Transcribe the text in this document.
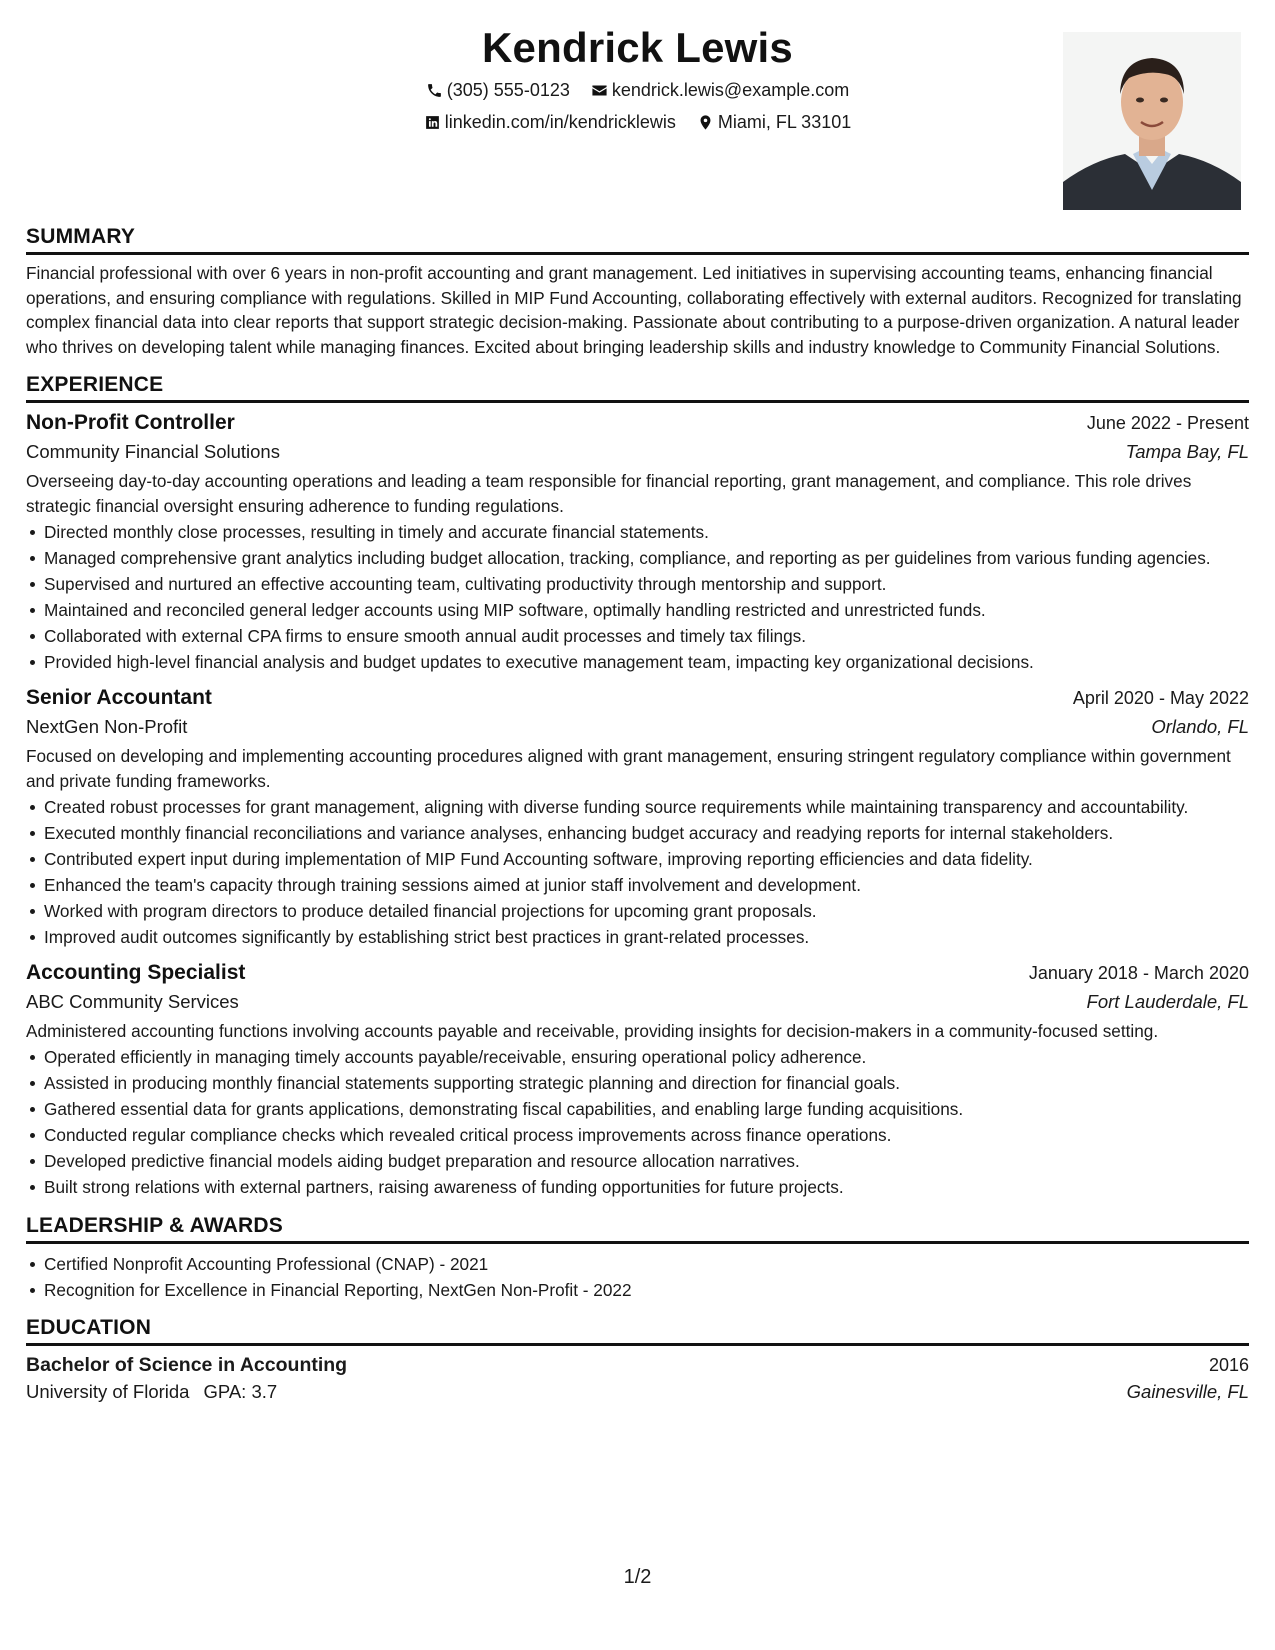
Kendrick Lewis
(305) 555-0123
kendrick.lewis@example.com
linkedin.com/in/kendricklewis
Miami, FL 33101
SUMMARY

Financial professional with over 6 years in non-profit accounting and grant management. Led initiatives in supervising accounting teams, enhancing financial operations, and ensuring compliance with regulations. Skilled in MIP Fund Accounting, collaborating effectively with external auditors. Recognized for translating complex financial data into clear reports that support strategic decision-making. Passionate about contributing to a purpose-driven organization. A natural leader who thrives on developing talent while managing finances. Excited about bringing leadership skills and industry knowledge to Community Financial Solutions.

EXPERIENCE
Non-Profit Controller	June 2022 - Present
Community Financial Solutions	Tampa Bay, FL
Overseeing day-to-day accounting operations and leading a team responsible for financial reporting, grant management, and compliance. This role drives strategic financial oversight ensuring adherence to funding regulations.
Directed monthly close processes, resulting in timely and accurate financial statements.
Managed comprehensive grant analytics including budget allocation, tracking, compliance, and reporting as per guidelines from various funding agencies.
Supervised and nurtured an effective accounting team, cultivating productivity through mentorship and support.
Maintained and reconciled general ledger accounts using MIP software, optimally handling restricted and unrestricted funds.
Collaborated with external CPA firms to ensure smooth annual audit processes and timely tax filings.
Provided high-level financial analysis and budget updates to executive management team, impacting key organizational decisions.
Senior Accountant	April 2020 - May 2022
NextGen Non-Profit	Orlando, FL
Focused on developing and implementing accounting procedures aligned with grant management, ensuring stringent regulatory compliance within government and private funding frameworks.
Created robust processes for grant management, aligning with diverse funding source requirements while maintaining transparency and accountability.
Executed monthly financial reconciliations and variance analyses, enhancing budget accuracy and readying reports for internal stakeholders.
Contributed expert input during implementation of MIP Fund Accounting software, improving reporting efficiencies and data fidelity.
Enhanced the team's capacity through training sessions aimed at junior staff involvement and development.
Worked with program directors to produce detailed financial projections for upcoming grant proposals.
Improved audit outcomes significantly by establishing strict best practices in grant-related processes.
Accounting Specialist	January 2018 - March 2020
ABC Community Services	Fort Lauderdale, FL
Administered accounting functions involving accounts payable and receivable, providing insights for decision-makers in a community-focused setting.
Operated efficiently in managing timely accounts payable/receivable, ensuring operational policy adherence.
Assisted in producing monthly financial statements supporting strategic planning and direction for financial goals.
Gathered essential data for grants applications, demonstrating fiscal capabilities, and enabling large funding acquisitions.
Conducted regular compliance checks which revealed critical process improvements across finance operations.
Developed predictive financial models aiding budget preparation and resource allocation narratives.
Built strong relations with external partners, raising awareness of funding opportunities for future projects.
LEADERSHIP & AWARDS
Certified Nonprofit Accounting Professional (CNAP) - 2021
Recognition for Excellence in Financial Reporting, NextGen Non-Profit - 2022
EDUCATION
Bachelor of Science in Accounting	2016
University of Florida GPA: 3.7	Gainesville, FL
1/2
